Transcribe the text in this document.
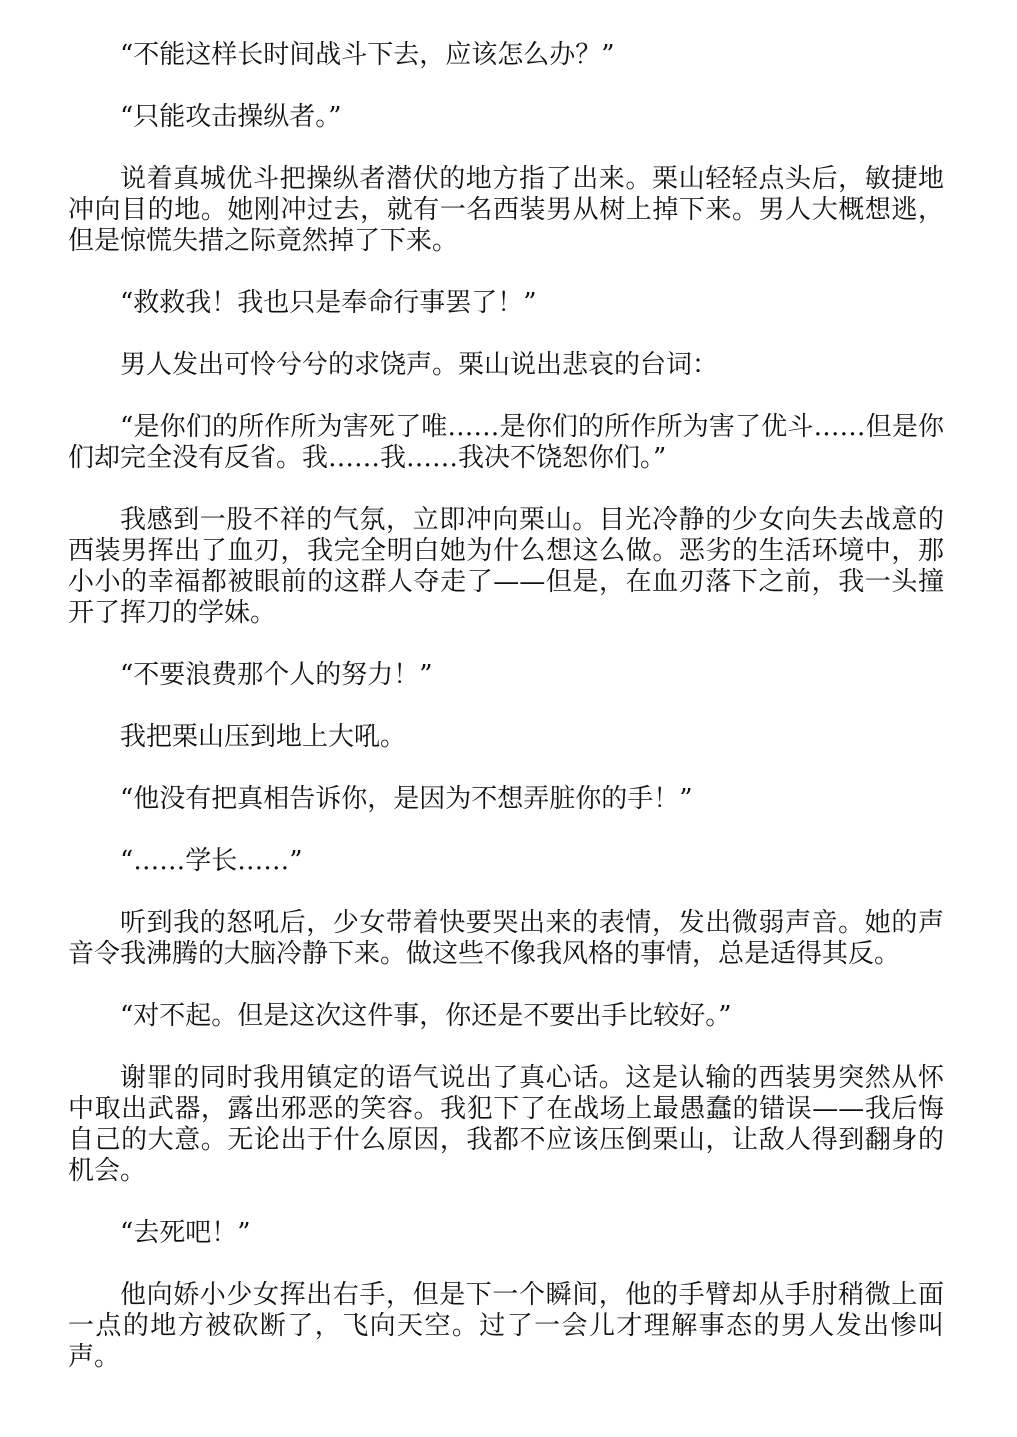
“不能这样长时间战斗下去，应该怎么办？”

“只能攻击操纵者。”

说着真城优斗把操纵者潜伏的地方指了出来。栗山轻轻点头后，敏捷地冲向目的地。她刚冲过去，就有一名西装男从树上掉下来。男人大概想逃，但是惊慌失措之际竟然掉了下来。

“救救我！我也只是奉命行事罢了！”

男人发出可怜兮兮的求饶声。栗山说出悲哀的台词：

“是你们的所作所为害死了唯……是你们的所作所为害了优斗……但是你们却完全没有反省。我……我……我决不饶恕你们。”

我感到一股不祥的气氛，立即冲向栗山。目光冷静的少女向失去战意的西装男挥出了血刃，我完全明白她为什么想这么做。恶劣的生活环境中，那小小的幸福都被眼前的这群人夺走了——但是，在血刃落下之前，我一头撞开了挥刀的学妹。

“不要浪费那个人的努力！”

我把栗山压到地上大吼。

“他没有把真相告诉你，是因为不想弄脏你的手！”

“……学长……”

听到我的怒吼后，少女带着快要哭出来的表情，发出微弱声音。她的声音令我沸腾的大脑冷静下来。做这些不像我风格的事情，总是适得其反。

“对不起。但是这次这件事，你还是不要出手比较好。”

谢罪的同时我用镇定的语气说出了真心话。这是认输的西装男突然从怀中取出武器，露出邪恶的笑容。我犯下了在战场上最愚蠢的错误——我后悔自己的大意。无论出于什么原因，我都不应该压倒栗山，让敌人得到翻身的机会。

“去死吧！”

他向娇小少女挥出右手，但是下一个瞬间，他的手臂却从手肘稍微上面一点的地方被砍断了，飞向天空。过了一会儿才理解事态的男人发出惨叫声。
